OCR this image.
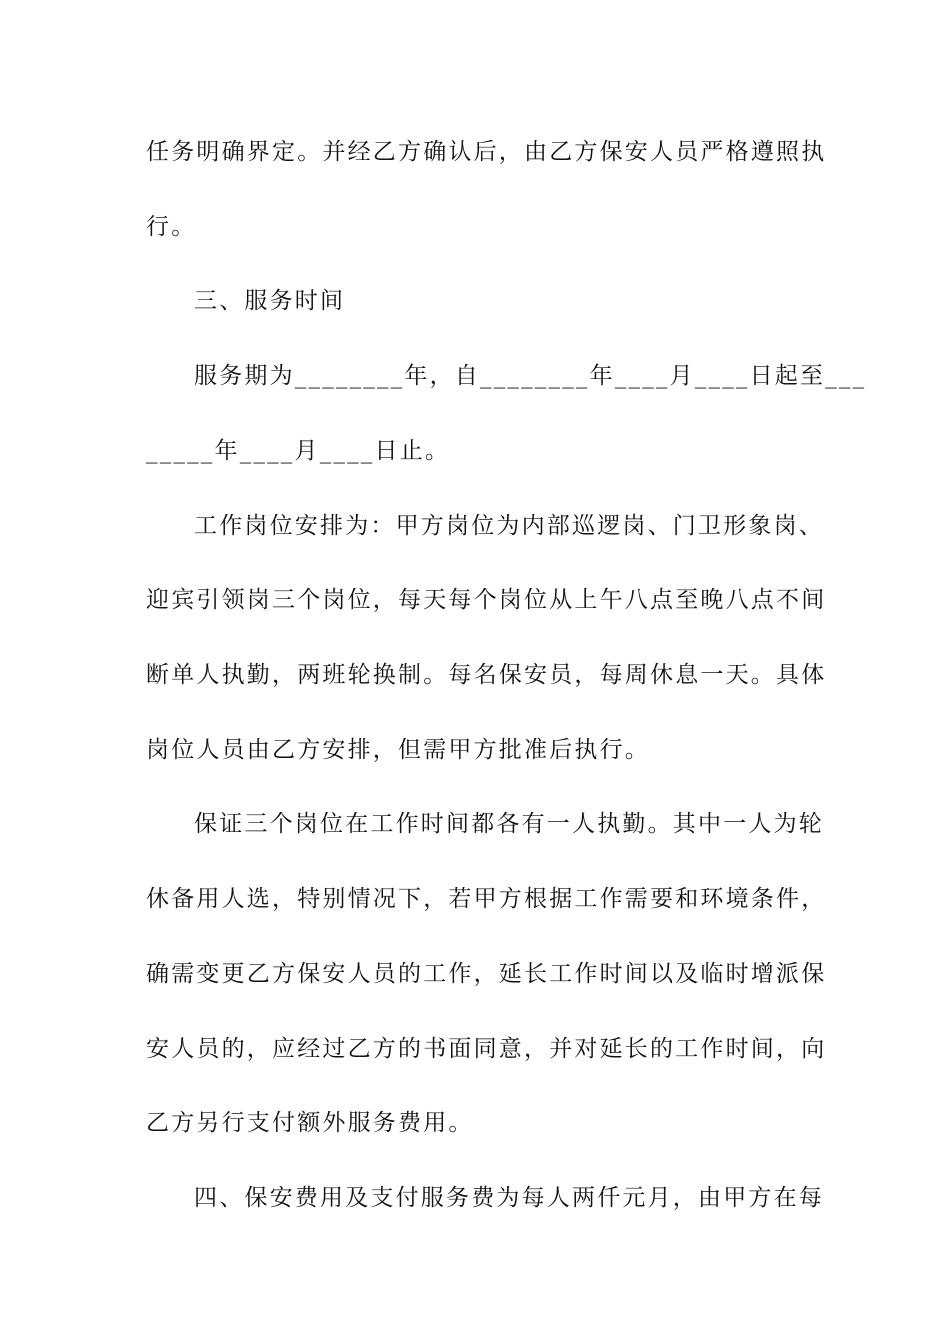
任务明确界定。并经乙方确认后，由乙方保安人员严格遵照执
行。
三、服务时间
服务期为________年，自________年____月____日起至___
_____年____月____日止。
工作岗位安排为：甲方岗位为内部巡逻岗、门卫形象岗、
迎宾引领岗三个岗位，每天每个岗位从上午八点至晚八点不间
断单人执勤，两班轮换制。每名保安员，每周休息一天。具体
岗位人员由乙方安排，但需甲方批准后执行。
保证三个岗位在工作时间都各有一人执勤。其中一人为轮
休备用人选，特别情况下，若甲方根据工作需要和环境条件，
确需变更乙方保安人员的工作，延长工作时间以及临时增派保
安人员的，应经过乙方的书面同意，并对延长的工作时间，向
乙方另行支付额外服务费用。
四、保安费用及支付服务费为每人两仟元月，由甲方在每
